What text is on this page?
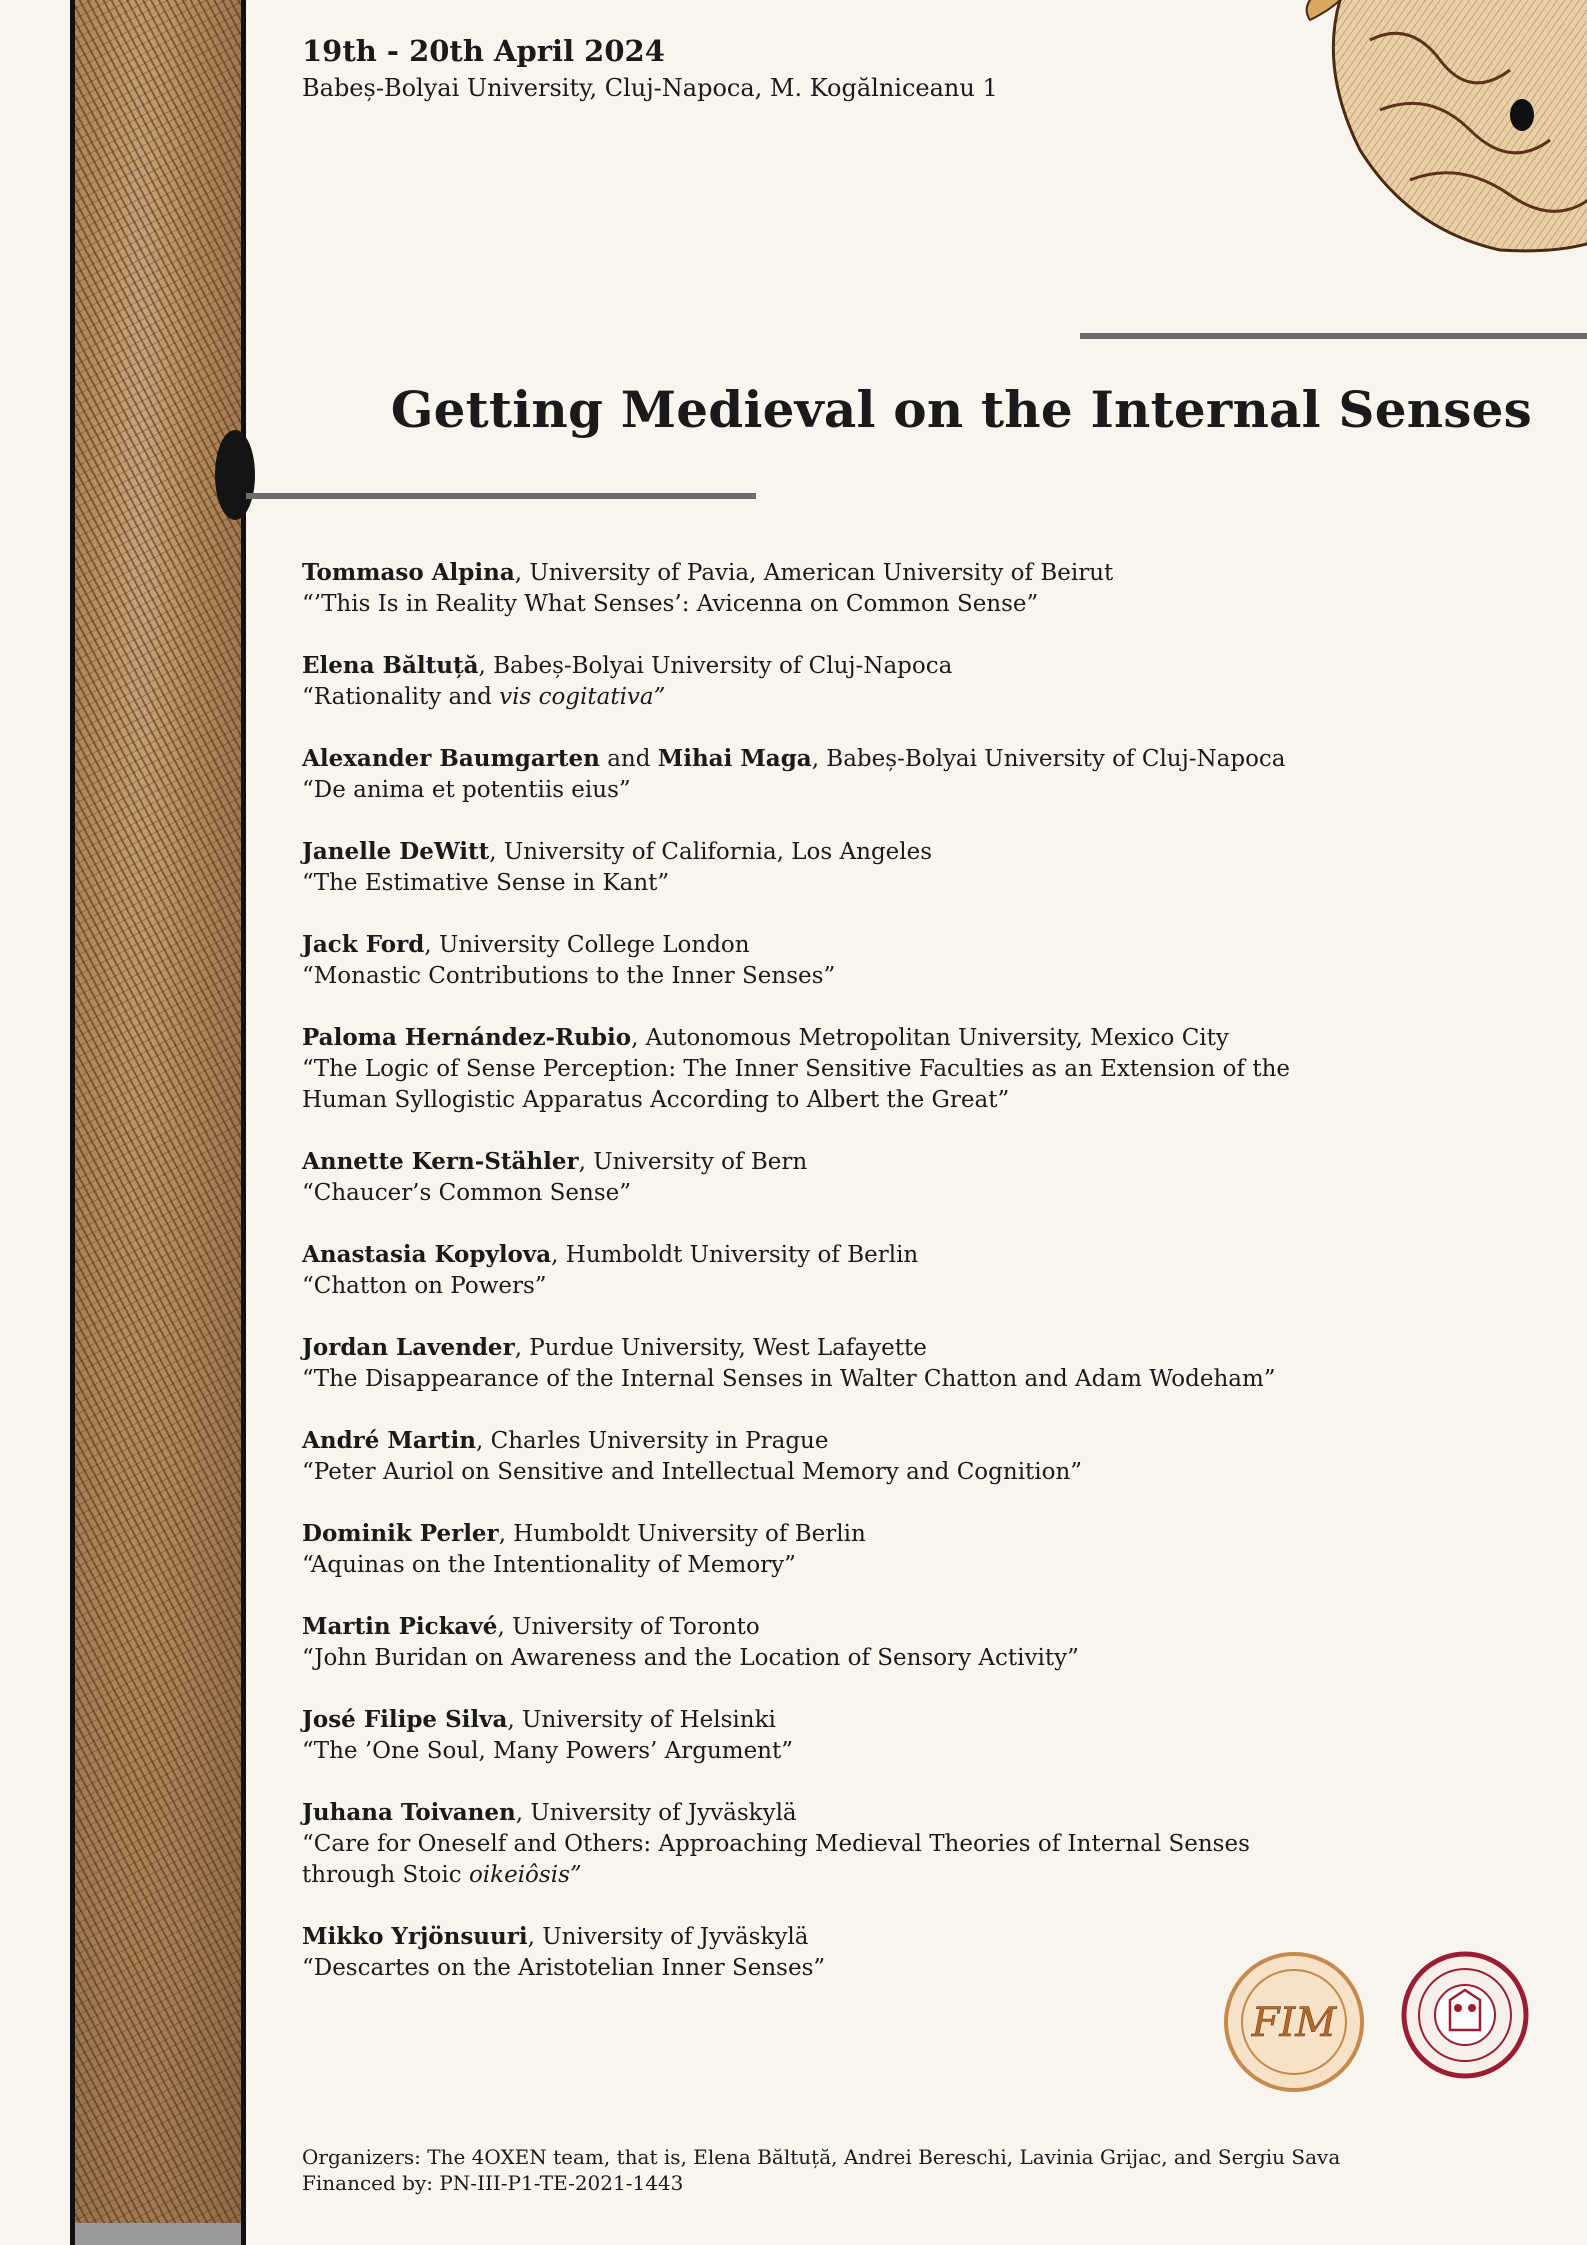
19th - 20th April 2024

Babeș-Bolyai University, Cluj-Napoca, M. Kogălniceanu 1

Getting Medieval on the Internal Senses
Tommaso Alpina, University of Pavia, American University of Beirut
“’This Is in Reality What Senses’: Avicenna on Common Sense”
Elena Băltuță, Babeș-Bolyai University of Cluj-Napoca
“Rationality and vis cogitativa”
Alexander Baumgarten and Mihai Maga, Babeș-Bolyai University of Cluj-Napoca
“De anima et potentiis eius”
Janelle DeWitt, University of California, Los Angeles
“The Estimative Sense in Kant”
Jack Ford, University College London
“Monastic Contributions to the Inner Senses”
Paloma Hernández-Rubio, Autonomous Metropolitan University, Mexico City
“The Logic of Sense Perception: The Inner Sensitive Faculties as an Extension of the Human Syllogistic Apparatus According to Albert the Great”
Annette Kern-Stähler, University of Bern
“Chaucer’s Common Sense”
Anastasia Kopylova, Humboldt University of Berlin
“Chatton on Powers”
Jordan Lavender, Purdue University, West Lafayette
“The Disappearance of the Internal Senses in Walter Chatton and Adam Wodeham”
André Martin, Charles University in Prague
“Peter Auriol on Sensitive and Intellectual Memory and Cognition”
Dominik Perler, Humboldt University of Berlin
“Aquinas on the Intentionality of Memory”
Martin Pickavé, University of Toronto
“John Buridan on Awareness and the Location of Sensory Activity”
José Filipe Silva, University of Helsinki
“The ’One Soul, Many Powers’ Argument”
Juhana Toivanen, University of Jyväskylä
“Care for Oneself and Others: Approaching Medieval Theories of Internal Senses through Stoic oikeiôsis”
Mikko Yrjönsuuri, University of Jyväskylä
“Descartes on the Aristotelian Inner Senses”
FIM
Organizers: The 4OXEN team, that is, Elena Băltuță, Andrei Bereschi, Lavinia Grijac, and Sergiu Sava
Financed by: PN-III-P1-TE-2021-1443
